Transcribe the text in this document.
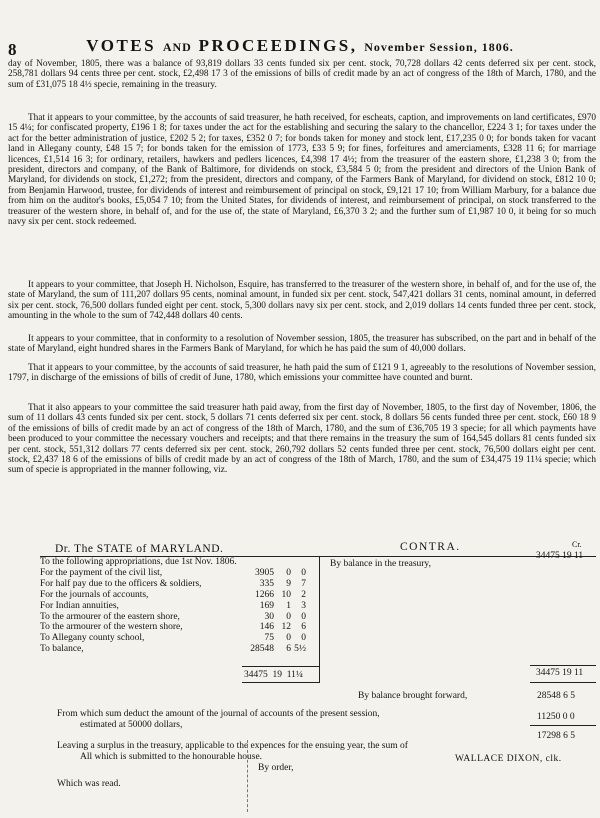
8	VOTES AND PROCEEDINGS, November Session, 1806.

day of November, 1805, there was a balance of 93,819 dollars 33 cents funded six per cent. stock, 70,728 dollars 42 cents deferred six per cent. stock, 258,781 dollars 94 cents three per cent. stock, £2,498 17 3 of the emissions of bills of credit made by an act of congress of the 18th of March, 1780, and the sum of £31,075 18 4½ specie, remaining in the treasury.

That it appears to your committee, by the accounts of said treasurer, he hath received, for escheats, caption, and improvements on land certificates, £970 15 4¼; for confiscated property, £196 1 8; for taxes under the act for the establishing and securing the salary to the chancellor, £224 3 1; for taxes under the act for the better administration of justice, £202 5 2; for taxes, £352 0 7; for bonds taken for money and stock lent, £17,235 0 0; for bonds taken for vacant land in Allegany county, £48 15 7; for bonds taken for the emission of 1773, £33 5 9; for fines, forfeitures and amerciaments, £328 11 6; for marriage licences, £1,514 16 3; for ordinary, retailers, hawkers and pedlers licences, £4,398 17 4½; from the treasurer of the eastern shore, £1,238 3 0; from the president, directors and company, of the Bank of Baltimore, for dividends on stock, £3,584 5 0; from the president and directors of the Union Bank of Maryland, for dividends on stock, £1,272; from the president, directors and company, of the Farmers Bank of Maryland, for dividend on stock, £812 10 0; from Benjamin Harwood, trustee, for dividends of interest and reimbursement of principal on stock, £9,121 17 10; from William Marbury, for a balance due from him on the auditor's books, £5,054 7 10; from the United States, for dividends of interest, and reimbursement of principal, on stock transferred to the treasurer of the western shore, in behalf of, and for the use of, the state of Maryland, £6,370 3 2; and the further sum of £1,987 10 0, it being for so much navy six per cent. stock redeemed.

It appears to your committee, that Joseph H. Nicholson, Esquire, has transferred to the treasurer of the western shore, in behalf of, and for the use of, the state of Maryland, the sum of 111,207 dollars 95 cents, nominal amount, in funded six per cent. stock, 547,421 dollars 31 cents, nominal amount, in deferred six per cent. stock, 76,500 dollars funded eight per cent. stock, 5,300 dollars navy six per cent. stock, and 2,019 dollars 14 cents funded three per cent. stock, amounting in the whole to the sum of 742,448 dollars 40 cents.

It appears to your committee, that in conformity to a resolution of November session, 1805, the treasurer has subscribed, on the part and in behalf of the state of Maryland, eight hundred shares in the Farmers Bank of Maryland, for which he has paid the sum of 40,000 dollars.

That it appears to your committee, by the accounts of said treasurer, he hath paid the sum of £121 9 1, agreeably to the resolutions of November session, 1797, in discharge of the emissions of bills of credit of June, 1780, which emissions your committee have counted and burnt.

That it also appears to your committee the said treasurer hath paid away, from the first day of November, 1805, to the first day of November, 1806, the sum of 11 dollars 43 cents funded six per cent. stock, 5 dollars 71 cents deferred six per cent. stock, 8 dollars 56 cents funded three per cent. stock, £60 18 9 of the emissions of bills of credit made by an act of congress of the 18th of March, 1780, and the sum of £36,705 19 3 specie; for all which payments have been produced to your committee the necessary vouchers and receipts; and that there remains in the treasury the sum of 164,545 dollars 81 cents funded six per cent. stock, 551,312 dollars 77 cents deferred six per cent. stock, 260,792 dollars 52 cents funded three per cent. stock, 76,500 dollars eight per cent. stock, £2,437 18 6 of the emissions of bills of credit made by an act of congress of the 18th of March, 1780, and the sum of £34,475 19 11¼ specie; which sum of specie is appropriated in the manner following, viz.

Dr. The STATE of MARYLAND.	CONTRA.	Cr.
To the following appropriations, due 1st Nov. 1806.			
For the payment of the civil list,	3905	0	0
For half pay due to the officers & soldiers,	335	9	7
For the journals of accounts,	1266	10	2
For Indian annuities,	169	1	3
To the armourer of the eastern shore,	30	0	0
To the armourer of the western shore,	146	12	6
To Allegany county school,	75	0	0
To balance,	28548	6	5½
34475 19 11¼
By balance in the treasury,
34475 19 11
34475 19 11
By balance brought forward,	28548 6 5
From which sum deduct the amount of the journal of accounts of the present session,
estimated at 50000 dollars,
11250 0 0
Leaving a surplus in the treasury, applicable to the expences for the ensuing year, the sum of
17298 6 5
All which is submitted to the honourable house.
By order,
WALLACE DIXON, clk.
Which was read.
